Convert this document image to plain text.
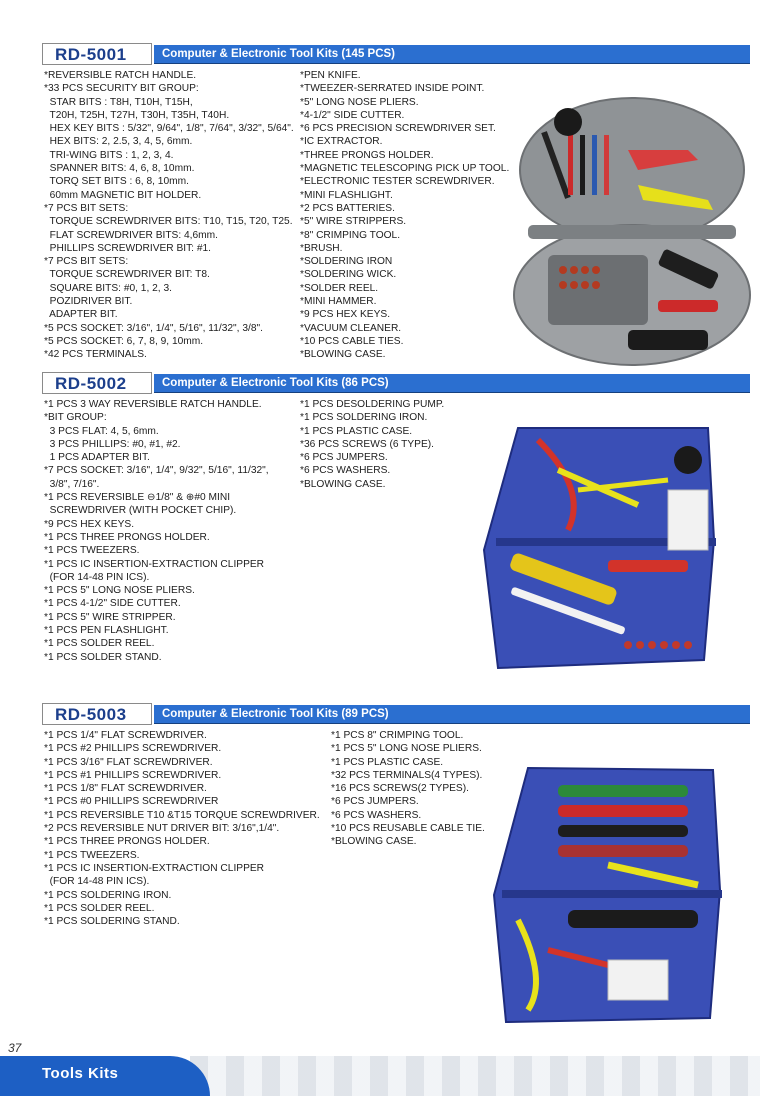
RD-5001	Computer & Electronic Tool Kits (145 PCS)
*REVERSIBLE RATCH HANDLE.
*33 PCS SECURITY BIT GROUP:
STAR BITS : T8H, T10H, T15H,
T20H, T25H, T27H, T30H, T35H, T40H.
HEX KEY BITS : 5/32", 9/64", 1/8", 7/64", 3/32", 5/64".
HEX BITS: 2, 2.5, 3, 4, 5, 6mm.
TRI-WING BITS : 1, 2, 3, 4.
SPANNER BITS: 4, 6, 8, 10mm.
TORQ SET BITS : 6, 8, 10mm.
60mm MAGNETIC BIT HOLDER.
*7 PCS BIT SETS:
TORQUE SCREWDRIVER BITS: T10, T15, T20, T25.
FLAT SCREWDRIVER BITS: 4,6mm.
PHILLIPS SCREWDRIVER BIT: #1.
*7 PCS BIT SETS:
TORQUE SCREWDRIVER BIT: T8.
SQUARE BITS: #0, 1, 2, 3.
POZIDRIVER BIT.
ADAPTER BIT.
*5 PCS SOCKET: 3/16", 1/4", 5/16", 11/32", 3/8".
*5 PCS SOCKET: 6, 7, 8, 9, 10mm.
*42 PCS TERMINALS.
*PEN KNIFE.
*TWEEZER-SERRATED INSIDE POINT.
*5" LONG NOSE PLIERS.
*4-1/2" SIDE CUTTER.
*6 PCS PRECISION SCREWDRIVER SET.
*IC EXTRACTOR.
*THREE PRONGS HOLDER.
*MAGNETIC TELESCOPING PICK UP TOOL.
*ELECTRONIC TESTER SCREWDRIVER.
*MINI FLASHLIGHT.
*2 PCS BATTERIES.
*5" WIRE STRIPPERS.
*8" CRIMPING TOOL.
*BRUSH.
*SOLDERING IRON
*SOLDERING WICK.
*SOLDER REEL.
*MINI HAMMER.
*9 PCS HEX KEYS.
*VACUUM CLEANER.
*10 PCS CABLE TIES.
*BLOWING CASE.
RD-5002	Computer & Electronic Tool Kits (86 PCS)
*1 PCS 3 WAY REVERSIBLE RATCH HANDLE.
*BIT GROUP:
3 PCS FLAT: 4, 5, 6mm.
3 PCS PHILLIPS: #0, #1, #2.
1 PCS ADAPTER BIT.
*7 PCS SOCKET: 3/16", 1/4", 9/32", 5/16", 11/32",
3/8", 7/16".
*1 PCS REVERSIBLE ⊖1/8" & ⊕#0 MINI
SCREWDRIVER (WITH POCKET CHIP).
*9 PCS HEX KEYS.
*1 PCS THREE PRONGS HOLDER.
*1 PCS TWEEZERS.
*1 PCS IC INSERTION-EXTRACTION CLIPPER
(FOR 14-48 PIN ICS).
*1 PCS 5" LONG NOSE PLIERS.
*1 PCS 4-1/2" SIDE CUTTER.
*1 PCS 5" WIRE STRIPPER.
*1 PCS PEN FLASHLIGHT.
*1 PCS SOLDER REEL.
*1 PCS SOLDER STAND.
*1 PCS DESOLDERING PUMP.
*1 PCS SOLDERING IRON.
*1 PCS PLASTIC CASE.
*36 PCS SCREWS (6 TYPE).
*6 PCS JUMPERS.
*6 PCS WASHERS.
*BLOWING CASE.
RD-5003	Computer & Electronic Tool Kits (89 PCS)
*1 PCS 1/4" FLAT SCREWDRIVER.
*1 PCS #2 PHILLIPS SCREWDRIVER.
*1 PCS 3/16" FLAT SCREWDRIVER.
*1 PCS #1 PHILLIPS SCREWDRIVER.
*1 PCS 1/8" FLAT SCREWDRIVER.
*1 PCS #0 PHILLIPS SCREWDRIVER
*1 PCS REVERSIBLE T10 &T15 TORQUE SCREWDRIVER.
*2 PCS REVERSIBLE NUT DRIVER BIT: 3/16",1/4".
*1 PCS THREE PRONGS HOLDER.
*1 PCS TWEEZERS.
*1 PCS IC INSERTION-EXTRACTION CLIPPER
(FOR 14-48 PIN ICS).
*1 PCS SOLDERING IRON.
*1 PCS SOLDER REEL.
*1 PCS SOLDERING STAND.
*1 PCS 8" CRIMPING TOOL.
*1 PCS 5" LONG NOSE PLIERS.
*1 PCS PLASTIC CASE.
*32 PCS TERMINALS(4 TYPES).
*16 PCS SCREWS(2 TYPES).
*6 PCS JUMPERS.
*6 PCS WASHERS.
*10 PCS REUSABLE CABLE TIE.
*BLOWING CASE.
37
Tools Kits
